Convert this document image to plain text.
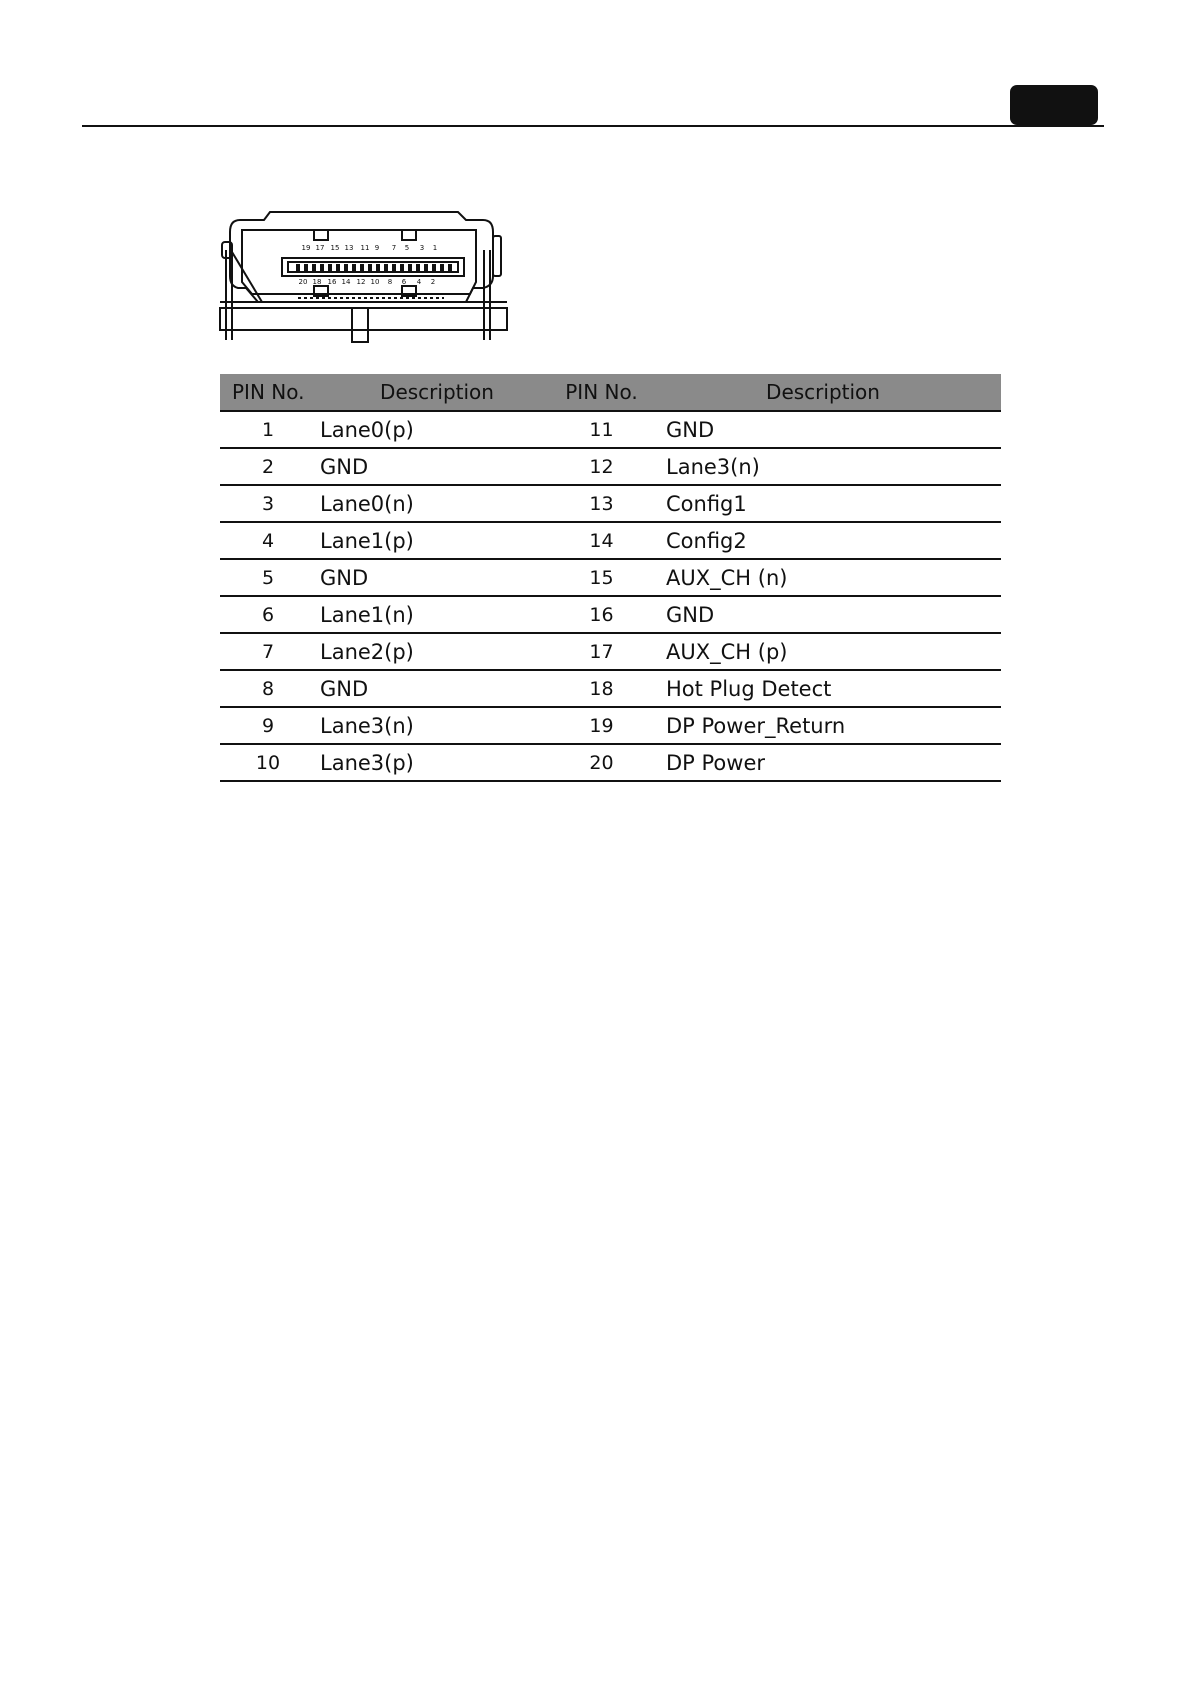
19 17 15 13 11 9 7 5 3 1
20 18 16 14 12 10 8 6 4 2
PIN No.	Description	PIN No.	Description
1	Lane0(p)	11	GND
2	GND	12	Lane3(n)
3	Lane0(n)	13	Config1
4	Lane1(p)	14	Config2
5	GND	15	AUX_CH (n)
6	Lane1(n)	16	GND
7	Lane2(p)	17	AUX_CH (p)
8	GND	18	Hot Plug Detect
9	Lane3(n)	19	DP Power_Return
10	Lane3(p)	20	DP Power
